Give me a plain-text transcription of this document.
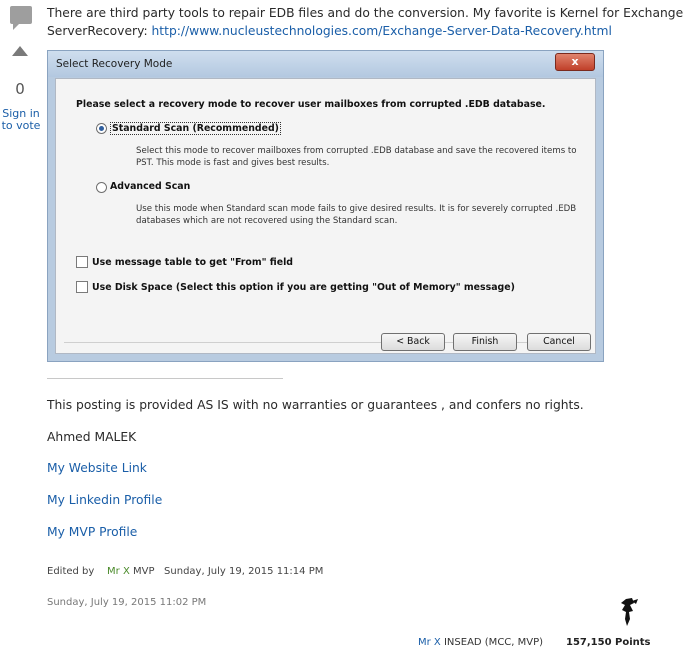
0
Sign in to vote
There are third party tools to repair EDB files and do the conversion. My favorite is Kernel for Exchange ServerRecovery: http://www.nucleustechnologies.com/Exchange-Server-Data-Recovery.html
Select Recovery Mode	x
Please select a recovery mode to recover user mailboxes from corrupted .EDB database.
Standard Scan (Recommended)
Select this mode to recover mailboxes from corrupted .EDB database and save the recovered items to PST. This mode is fast and gives best results.
Advanced Scan
Use this mode when Standard scan mode fails to give desired results. It is for severely corrupted .EDB databases which are not recovered using the Standard scan.
Use message table to get "From" field
Use Disk Space (Select this option if you are getting "Out of Memory" message)
< Back	Finish	Cancel
This posting is provided AS IS with no warranties or guarantees , and confers no rights.
Ahmed MALEK
My Website Link
My Linkedin Profile
My MVP Profile
Edited by Mr X MVP Sunday, July 19, 2015 11:14 PM
Sunday, July 19, 2015 11:02 PM
Mr X INSEAD (MCC, MVP) 157,150 Points
